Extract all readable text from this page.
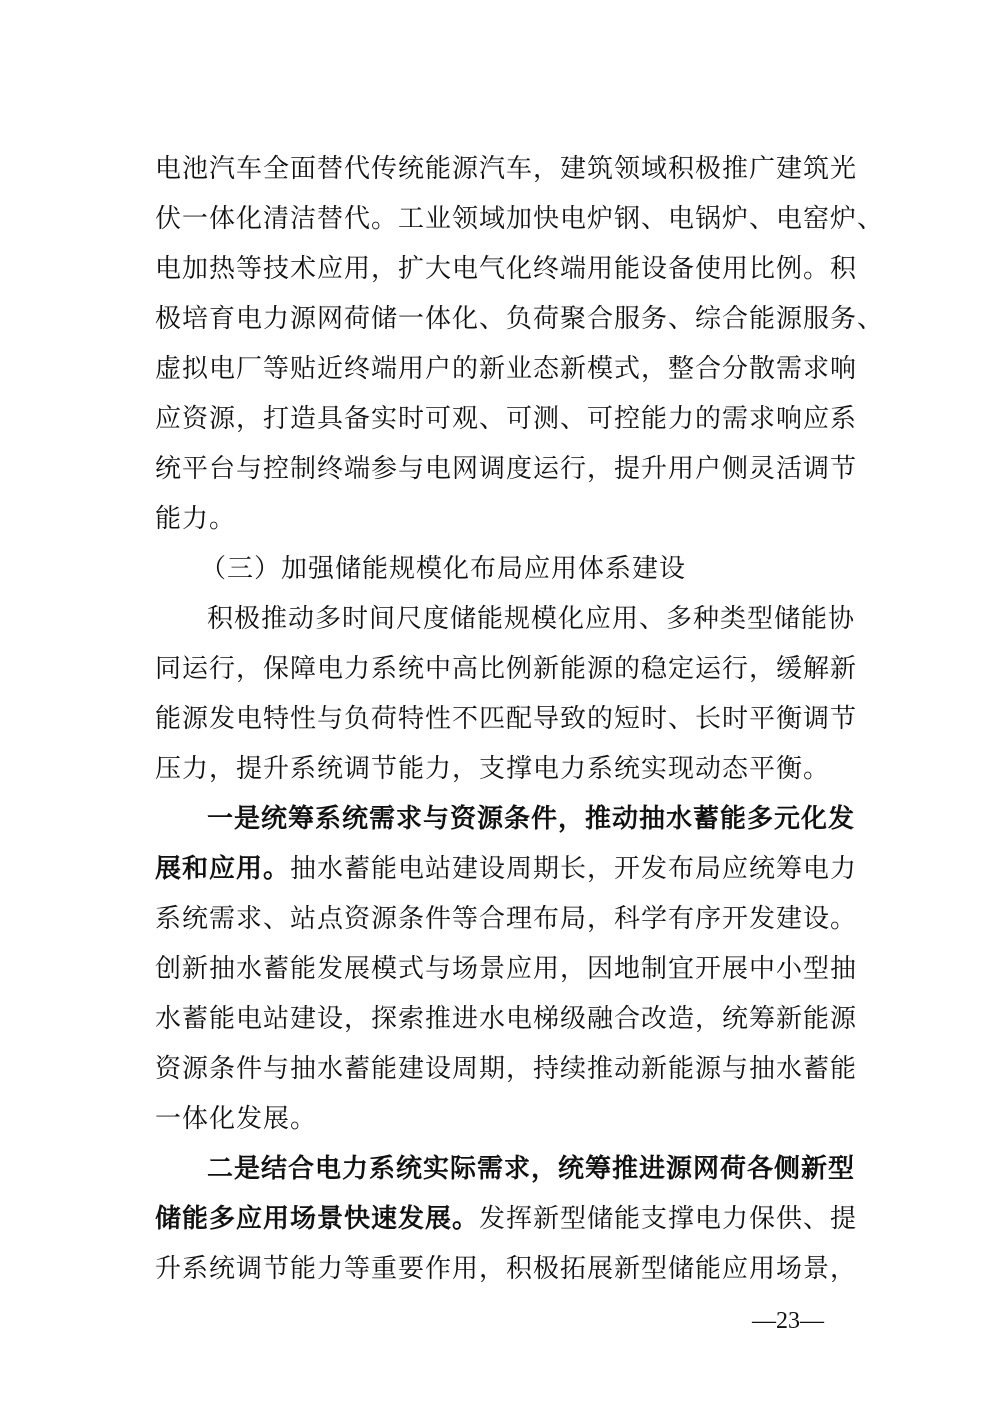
电池汽车全面替代传统能源汽车，建筑领域积极推广建筑光
伏一体化清洁替代。工业领域加快电炉钢、电锅炉、电窑炉、
电加热等技术应用，扩大电气化终端用能设备使用比例。积
极培育电力源网荷储一体化、负荷聚合服务、综合能源服务、
虚拟电厂等贴近终端用户的新业态新模式，整合分散需求响
应资源，打造具备实时可观、可测、可控能力的需求响应系
统平台与控制终端参与电网调度运行，提升用户侧灵活调节
能力。
（三）加强储能规模化布局应用体系建设
积极推动多时间尺度储能规模化应用、多种类型储能协
同运行，保障电力系统中高比例新能源的稳定运行，缓解新
能源发电特性与负荷特性不匹配导致的短时、长时平衡调节
压力，提升系统调节能力，支撑电力系统实现动态平衡。
一是统筹系统需求与资源条件，推动抽水蓄能多元化发
展和应用。抽水蓄能电站建设周期长，开发布局应统筹电力
系统需求、站点资源条件等合理布局，科学有序开发建设。
创新抽水蓄能发展模式与场景应用，因地制宜开展中小型抽
水蓄能电站建设，探索推进水电梯级融合改造，统筹新能源
资源条件与抽水蓄能建设周期，持续推动新能源与抽水蓄能
一体化发展。
二是结合电力系统实际需求，统筹推进源网荷各侧新型
储能多应用场景快速发展。发挥新型储能支撑电力保供、提
升系统调节能力等重要作用，积极拓展新型储能应用场景，
—23—
